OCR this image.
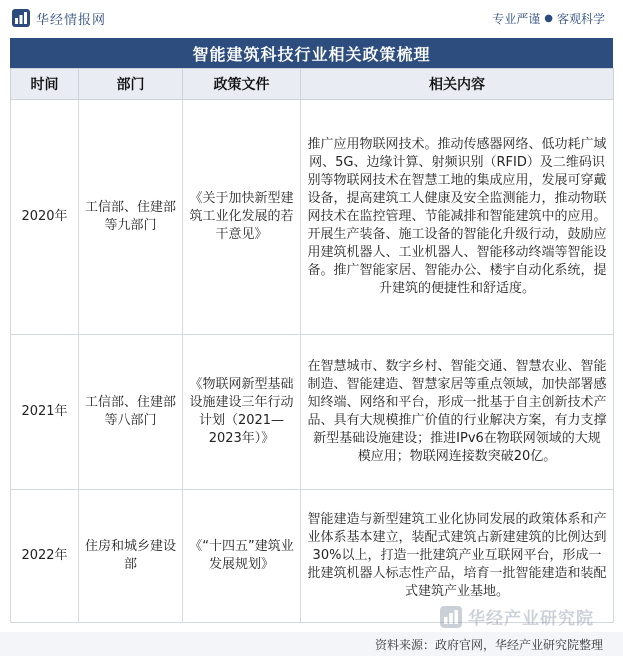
华经情报网	专业严谨 ● 客观科学
智能建筑科技行业相关政策梳理
时间	部门	政策文件	相关内容
2020年	工信部、住建部等九部门	《关于加快新型建筑工业化发展的若干意见》	推广应用物联网技术。推动传感器网络、低功耗广域网、5G、边缘计算、射频识别（RFID）及二维码识别等物联网技术在智慧工地的集成应用，发展可穿戴设备，提高建筑工人健康及安全监测能力，推动物联网技术在监控管理、节能减排和智能建筑中的应用。开展生产装备、施工设备的智能化升级行动，鼓励应用建筑机器人、工业机器人、智能移动终端等智能设备。推广智能家居、智能办公、楼宇自动化系统，提升建筑的便捷性和舒适度。
2021年	工信部、住建部等八部门	《物联网新型基础设施建设三年行动计划（2021—2023年）》	在智慧城市、数字乡村、智能交通、智慧农业、智能制造、智能建造、智慧家居等重点领域，加快部署感知终端、网络和平台，形成一批基于自主创新技术产品、具有大规模推广价值的行业解决方案，有力支撑新型基础设施建设；推进IPv6在物联网领域的大规模应用；物联网连接数突破20亿。
2022年	住房和城乡建设部	《“十四五”建筑业发展规划》	智能建造与新型建筑工业化协同发展的政策体系和产业体系基本建立，装配式建筑占新建建筑的比例达到 30%以上，打造一批建筑产业互联网平台，形成一批建筑机器人标志性产品，培育一批智能建造和装配式建筑产业基地。
华经产业研究院
资料来源：政府官网，华经产业研究院整理
